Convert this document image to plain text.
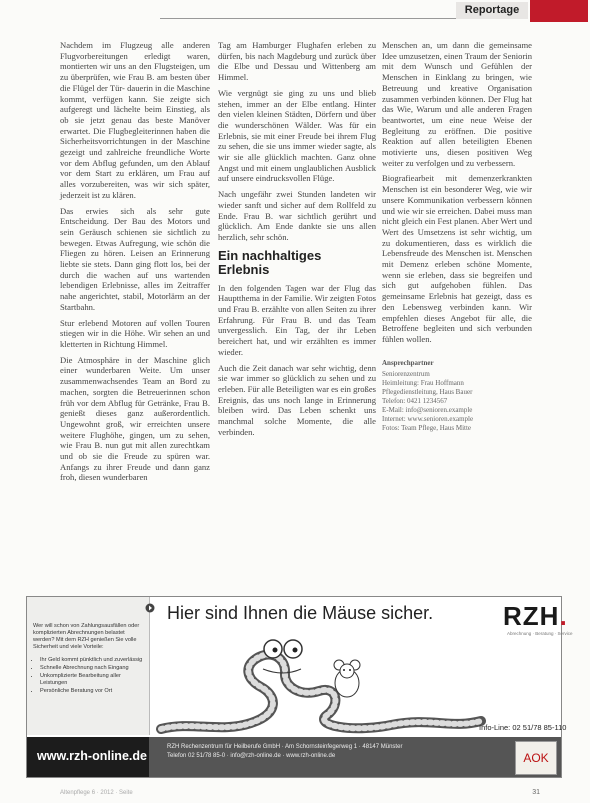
Reportage

Nachdem im Flugzeug alle anderen Flugvorbereitungen erledigt waren, montierten wir uns an den Flugsteigen, um zu überprüfen, wie Frau B. am besten über die Flügel der Tür- dauerin in die Maschine kommt, verfügen kann. Sie zeigte sich aufgeregt und lächelte beim Einstieg, als ob sie jetzt genau das beste Manöver erwartet. Die Flugbegleiterinnen haben die Sicherheitsvorrichtungen in der Maschine gezeigt und zahlreiche freundliche Worte vor dem Abflug gefunden, um den Ablauf vor dem Start zu erklären, um Frau auf alles vorzubereiten, was wir sich später, jederzeit ist zu klären.

Das erwies sich als sehr gute Entscheidung. Der Bau des Motors und sein Geräusch schienen sie sichtlich zu bewegen. Etwas Aufregung, wie schön die Fliegen zu hören. Leisen an Erinnerung liebte sie stets. Dann ging flott los, bei der durch die wachen auf uns wartenden lebendigen Erlebnisse, alles im Zeitraffer nahe angerichtet, stabil, Motorlärm an der Startbahn.

Stur erlebend Motoren auf vollen Touren stiegen wir in die Höhe. Wir sehen an und kletterten in Richtung Himmel.

Die Atmosphäre in der Maschine glich einer wunderbaren Weite. Um unser zusammenwachsendes Team an Bord zu machen, sorgten die Betreuerinnen schon früh vor dem Abflug für Getränke, Frau B. genießt dieses ganz außerordentlich. Ungewohnt groß, wir erreichten unsere weitere Flughöhe, gingen, um zu sehen, wie Frau B. nun gut mit allen zurechtkam und ob sie die Freude zu spüren war. Anfangs zu ihrer Freude und dann ganz froh, diesen wunderbaren

Tag am Hamburger Flughafen erleben zu dürfen, bis nach Magdeburg und zurück über die Elbe und Dessau und Wittenberg am Himmel.

Wie vergnügt sie ging zu uns und blieb stehen, immer an der Elbe entlang. Hinter den vielen kleinen Städten, Dörfern und über die wunderschönen Wälder. Was für ein Erlebnis, sie mit einer Freude bei ihrem Flug zu sehen, die sie uns immer wieder sagte, als wir sie alle glücklich machten. Ganz ohne Angst und mit einem unglaublichen Ausblick auf unsere eindrucksvollen Flüge.

Nach ungefähr zwei Stunden landeten wir wieder sanft und sicher auf dem Rollfeld zu Ende. Frau B. war sichtlich gerührt und glücklich. Am Ende dankte sie uns allen herzlich, sehr schön.

Ein nachhaltiges Erlebnis

In den folgenden Tagen war der Flug das Hauptthema in der Familie. Wir zeigten Fotos und Frau B. erzählte von allen Seiten zu ihrer Erfahrung. Für Frau B. und das Team unvergesslich. Ein Tag, der ihr Leben bereichert hat, und wir erzählten es immer wieder.

Auch die Zeit danach war sehr wichtig, denn sie war immer so glücklich zu sehen und zu erleben. Für alle Beteiligten war es ein großes Ereignis, das uns noch lange in Erinnerung bleiben wird. Das Leben schenkt uns manchmal solche Momente, die alle verbinden.

Menschen an, um dann die gemeinsame Idee umzusetzen, einen Traum der Seniorin mit dem Wunsch und Gefühlen der Menschen in Einklang zu bringen, wie Betreuung und kreative Organisation zusammen verbinden können. Der Flug hat das Wie, Warum und alle anderen Fragen beantwortet, um eine neue Weise der Begleitung zu eröffnen. Die positive Reaktion auf allen beteiligten Ebenen motivierte uns, diesen positiven Weg weiter zu verfolgen und zu verbessern.

Biografiearbeit mit demenzerkrankten Menschen ist ein besonderer Weg, wie wir unsere Kommunikation verbessern können und wie wir sie erreichen. Dabei muss man nicht gleich ein Fest planen. Aber Wert und Wert des Umsetzens ist sehr wichtig, um zu dokumentieren, dass es wirklich die Lebensfreude des Menschen ist. Menschen mit Demenz erleben schöne Momente, wenn sie erleben, dass sie begreifen und sich gut aufgehoben fühlen. Das gemeinsame Erlebnis hat gezeigt, dass es den Lebensweg verbinden kann. Wir empfehlen dieses Angebot für alle, die Betroffene begleiten und sich verbunden fühlen wollen.

Ansprechpartner
Seniorenzentrum
Heimleitung: Frau Hoffmann
Pflegedienstleitung, Haus Bauer
Telefon: 0421 1234567
E-Mail: info@senioren.example
Internet: www.senioren.example
Fotos: Team Pflege, Haus Mitte
Wer will schon von Zahlungsausfällen oder komplizierten Abrechnungen belastet werden? Mit dem RZH genießen Sie volle Sicherheit und viele Vorteile:
• Ihr Geld kommt pünktlich und zuverlässig
• Schnelle Abrechnung nach Eingang
• Unkomplizierte Bearbeitung aller Leistungen
• Persönliche Beratung vor Ort
Hier sind Ihnen die Mäuse sicher.	RZH.
Abrechnung · Beratung · Service
Info-Line: 02 51/78 85-110
www.rzh-online.de
RZH Rechenzentrum für Heilberufe GmbH · Am Schornsteinfegerweg 1 · 48147 Münster
Telefon 02 51/78 85-0 · info@rzh-online.de · www.rzh-online.de	AOK
Altenpflege 6 · 2012 · Seite	31
